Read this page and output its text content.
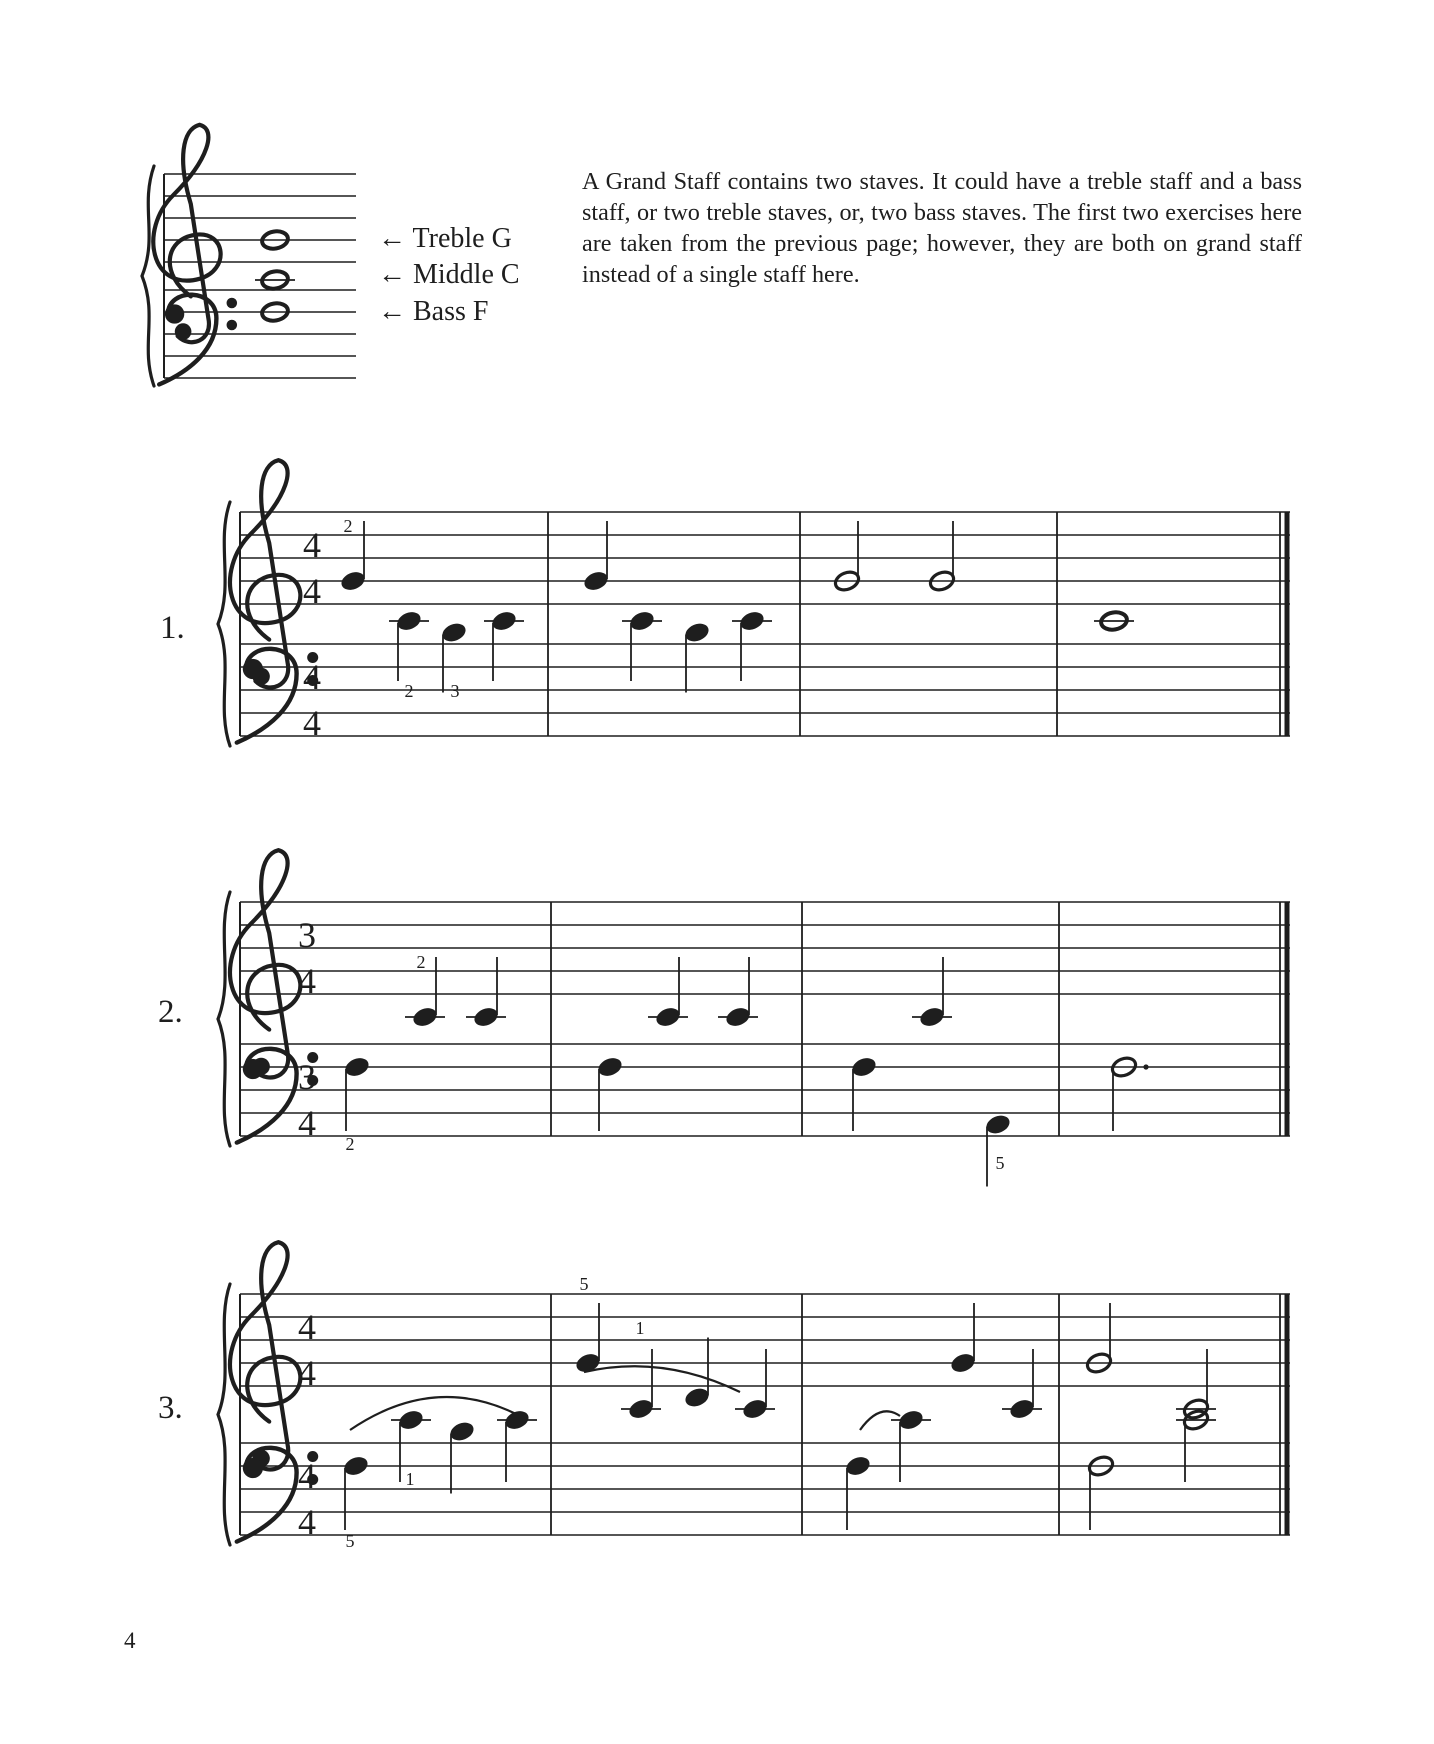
4
4
4
4
2
2 3
3
4
3
4
2
2
5
4
4
4
4 5
1
5
1

A Grand Staff contains two staves. It could have a treble staff and a bass staff, or two treble staves, or, two bass staves. The first two exercises here are taken from the previous page; however, they are both on grand staff instead of a single staff here.

← Treble G
← Middle C
← Bass F
1.
2.
3.
4
